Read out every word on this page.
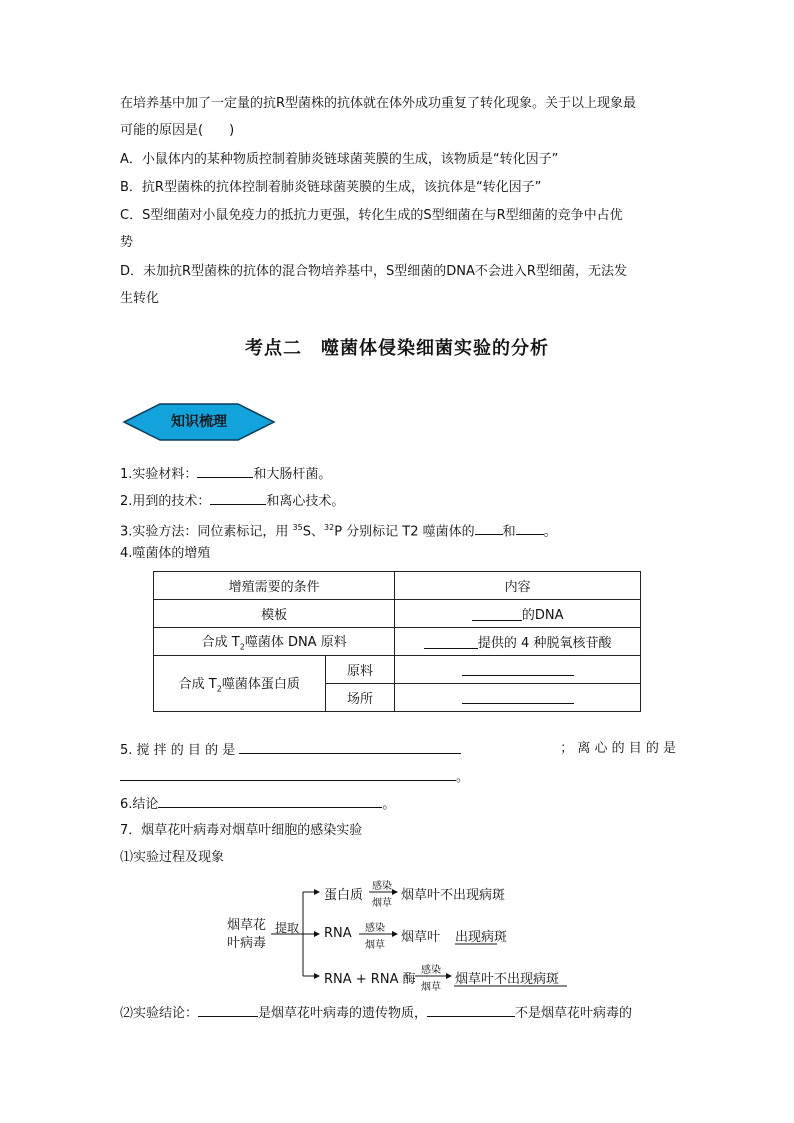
在培养基中加了一定量的抗R型菌株的抗体就在体外成功重复了转化现象。关于以上现象最
可能的原因是(　　)
A．小鼠体内的某种物质控制着肺炎链球菌荚膜的生成，该物质是“转化因子”
B．抗R型菌株的抗体控制着肺炎链球菌荚膜的生成，该抗体是“转化因子”
C．S型细菌对小鼠免疫力的抵抗力更强，转化生成的S型细菌在与R型细菌的竞争中占优
势
D．未加抗R型菌株的抗体的混合物培养基中，S型细菌的DNA不会进入R型细菌，无法发
生转化
考点二　噬菌体侵染细菌实验的分析
知识梳理
1.实验材料：	和大肠杆菌。
2.用到的技术：	和离心技术。
3.实验方法：同位素标记，用 $^{35}$S、$^{32}$P 分别标记 T2 噬菌体的 和 。
4.噬菌体的增殖
增殖需要的条件		内容
模板		的DNA
合成 $T_2$噬菌体 DNA 原料		提供的 4 种脱氧核苷酸
合成 $T_2$噬菌体蛋白质	原料	
	场所	
5. 搅 拌 的 目 的 是	； 离 心 的 目 的 是
。
6.结论	。
7．烟草花叶病毒对烟草叶细胞的感染实验
⑴实验过程及现象
烟草花
叶病毒
提取
蛋白质
感染
烟草
烟草叶不出现病斑
RNA 感染
烟草
烟草叶 出现病斑
RNA + RNA 酶
感染
烟草
烟草叶不出现病斑
⑵实验结论：	是烟草花叶病毒的遗传物质，	不是烟草花叶病毒的
